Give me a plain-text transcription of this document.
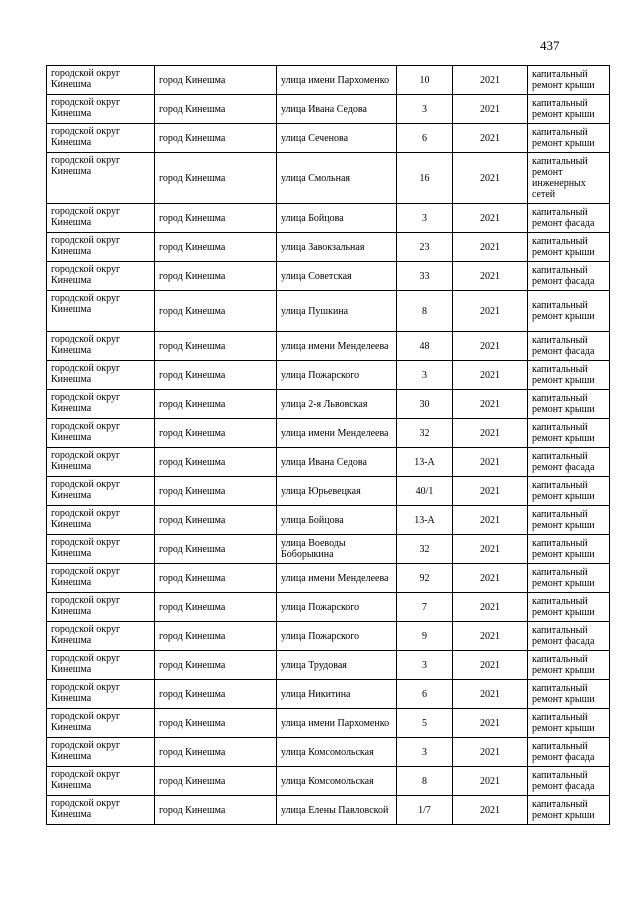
437
городской округ Кинешма	город Кинешма	улица имени Пархоменко	10	2021	капитальный ремонт крыши
городской округ Кинешма	город Кинешма	улица Ивана Седова	3	2021	капитальный ремонт крыши
городской округ Кинешма	город Кинешма	улица Сеченова	6	2021	капитальный ремонт крыши
городской округ Кинешма	город Кинешма	улица Смольная	16	2021	капитальный ремонт инженерных сетей
городской округ Кинешма	город Кинешма	улица Бойцова	3	2021	капитальный ремонт фасада
городской округ Кинешма	город Кинешма	улица Завокзальная	23	2021	капитальный ремонт крыши
городской округ Кинешма	город Кинешма	улица Советская	33	2021	капитальный ремонт фасада
городской округ Кинешма	город Кинешма	улица Пушкина	8	2021	капитальный ремонт крыши
городской округ Кинешма	город Кинешма	улица имени Менделеева	48	2021	капитальный ремонт фасада
городской округ Кинешма	город Кинешма	улица Пожарского	3	2021	капитальный ремонт крыши
городской округ Кинешма	город Кинешма	улица 2-я Львовская	30	2021	капитальный ремонт крыши
городской округ Кинешма	город Кинешма	улица имени Менделеева	32	2021	капитальный ремонт крыши
городской округ Кинешма	город Кинешма	улица Ивана Седова	13-А	2021	капитальный ремонт фасада
городской округ Кинешма	город Кинешма	улица Юрьевецкая	40/1	2021	капитальный ремонт крыши
городской округ Кинешма	город Кинешма	улица Бойцова	13-А	2021	капитальный ремонт крыши
городской округ Кинешма	город Кинешма	улица Воеводы Боборыкина	32	2021	капитальный ремонт крыши
городской округ Кинешма	город Кинешма	улица имени Менделеева	92	2021	капитальный ремонт крыши
городской округ Кинешма	город Кинешма	улица Пожарского	7	2021	капитальный ремонт крыши
городской округ Кинешма	город Кинешма	улица Пожарского	9	2021	капитальный ремонт фасада
городской округ Кинешма	город Кинешма	улица Трудовая	3	2021	капитальный ремонт крыши
городской округ Кинешма	город Кинешма	улица Никитина	6	2021	капитальный ремонт крыши
городской округ Кинешма	город Кинешма	улица имени Пархоменко	5	2021	капитальный ремонт крыши
городской округ Кинешма	город Кинешма	улица Комсомольская	3	2021	капитальный ремонт фасада
городской округ Кинешма	город Кинешма	улица Комсомольская	8	2021	капитальный ремонт фасада
городской округ Кинешма	город Кинешма	улица Елены Павловской	1/7	2021	капитальный ремонт крыши
